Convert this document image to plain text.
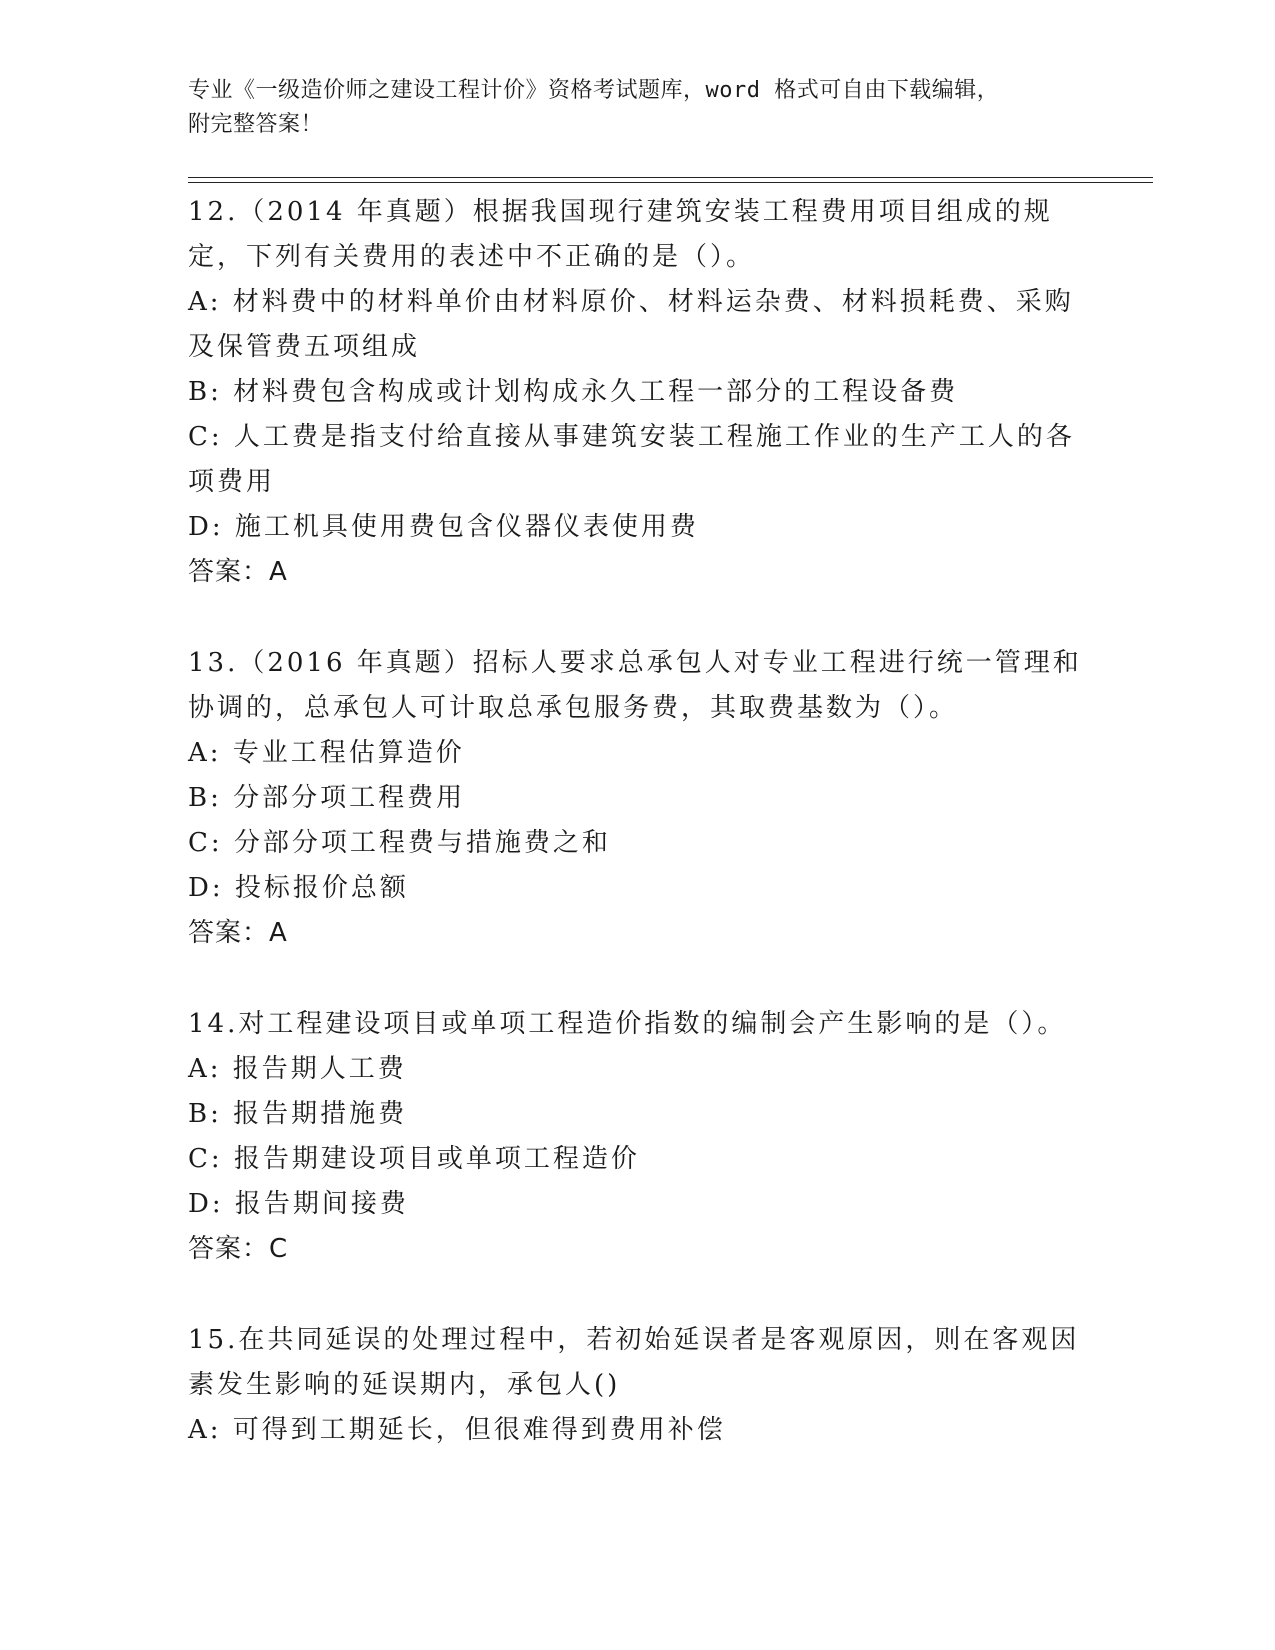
专业《一级造价师之建设工程计价》资格考试题库，word 格式可自由下载编辑，
附完整答案！

12.（2014 年真题）根据我国现行建筑安装工程费用项目组成的规定，下列有关费用的表述中不正确的是（）。

A: 材料费中的材料单价由材料原价、材料运杂费、材料损耗费、采购及保管费五项组成

B: 材料费包含构成或计划构成永久工程一部分的工程设备费

C: 人工费是指支付给直接从事建筑安装工程施工作业的生产工人的各项费用

D: 施工机具使用费包含仪器仪表使用费

答案：A

13.（2016 年真题）招标人要求总承包人对专业工程进行统一管理和协调的，总承包人可计取总承包服务费，其取费基数为（）。

A: 专业工程估算造价

B: 分部分项工程费用

C: 分部分项工程费与措施费之和

D: 投标报价总额

答案：A

14.对工程建设项目或单项工程造价指数的编制会产生影响的是（）。

A: 报告期人工费

B: 报告期措施费

C: 报告期建设项目或单项工程造价

D: 报告期间接费

答案：C

15.在共同延误的处理过程中，若初始延误者是客观原因，则在客观因素发生影响的延误期内，承包人()

A: 可得到工期延长，但很难得到费用补偿
